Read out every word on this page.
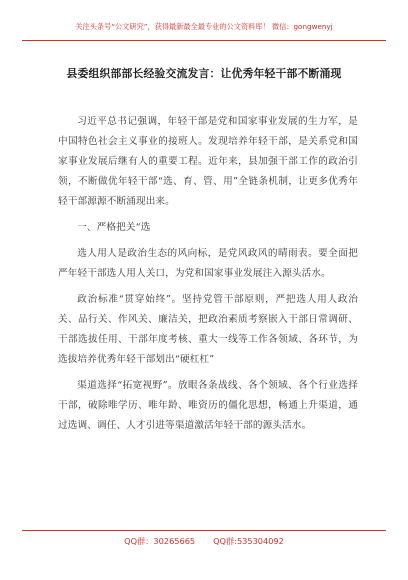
关注头条号“公文研究”，获得最新最全最专业的公文资料库！ 微信：gongwenyj
县委组织部部长经验交流发言：让优秀年轻干部不断涌现

习近平总书记强调，年轻干部是党和国家事业发展的生力军，是中国特色社会主义事业的接班人。发现培养年轻干部，是关系党和国家事业发展后继有人的重要工程。近年来，县加强干部工作的政治引领，不断做优年轻干部“选、育、管、用”全链条机制，让更多优秀年轻干部源源不断涌现出来。

一、严格把关“选

选人用人是政治生态的风向标，是党风政风的晴雨表。要全面把严年轻干部选人用人关口，为党和国家事业发展注入源头活水。

政治标准“贯穿始终”。坚持党管干部原则，严把选人用人政治关、品行关、作风关、廉洁关，把政治素质考察嵌入干部日常调研、干部选拔任用、干部年度考核、重大一线等工作各领域、各环节，为选拔培养优秀年轻干部划出“硬杠杠”

渠道选择“拓宽视野”。放眼各条战线、各个领域、各个行业选择干部，破除唯学历、唯年龄、唯资历的僵化思想，畅通上升渠道，通过选调、调任、人才引进等渠道激活年轻干部的源头活水。

QQ群：30265665 QQ群:535304092
